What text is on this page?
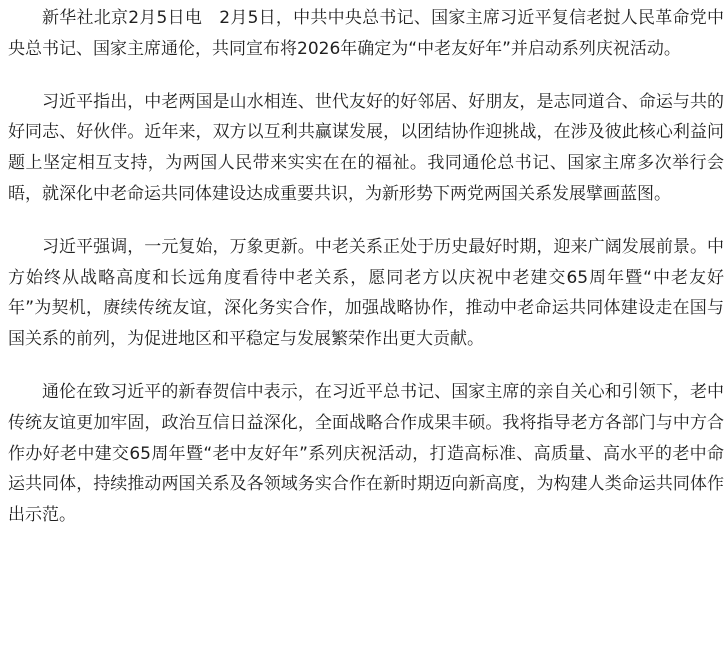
新华社北京2月5日电　2月5日，中共中央总书记、国家主席习近平复信老挝人民革命党中央总书记、国家主席通伦，共同宣布将2026年确定为“中老友好年”并启动系列庆祝活动。

习近平指出，中老两国是山水相连、世代友好的好邻居、好朋友，是志同道合、命运与共的好同志、好伙伴。近年来，双方以互利共赢谋发展，以团结协作迎挑战，在涉及彼此核心利益问题上坚定相互支持，为两国人民带来实实在在的福祉。我同通伦总书记、国家主席多次举行会晤，就深化中老命运共同体建设达成重要共识，为新形势下两党两国关系发展擘画蓝图。

习近平强调，一元复始，万象更新。中老关系正处于历史最好时期，迎来广阔发展前景。中方始终从战略高度和长远角度看待中老关系，愿同老方以庆祝中老建交65周年暨“中老友好年”为契机，赓续传统友谊，深化务实合作，加强战略协作，推动中老命运共同体建设走在国与国关系的前列，为促进地区和平稳定与发展繁荣作出更大贡献。

通伦在致习近平的新春贺信中表示，在习近平总书记、国家主席的亲自关心和引领下，老中传统友谊更加牢固，政治互信日益深化，全面战略合作成果丰硕。我将指导老方各部门与中方合作办好老中建交65周年暨“老中友好年”系列庆祝活动，打造高标准、高质量、高水平的老中命运共同体，持续推动两国关系及各领域务实合作在新时期迈向新高度，为构建人类命运共同体作出示范。
